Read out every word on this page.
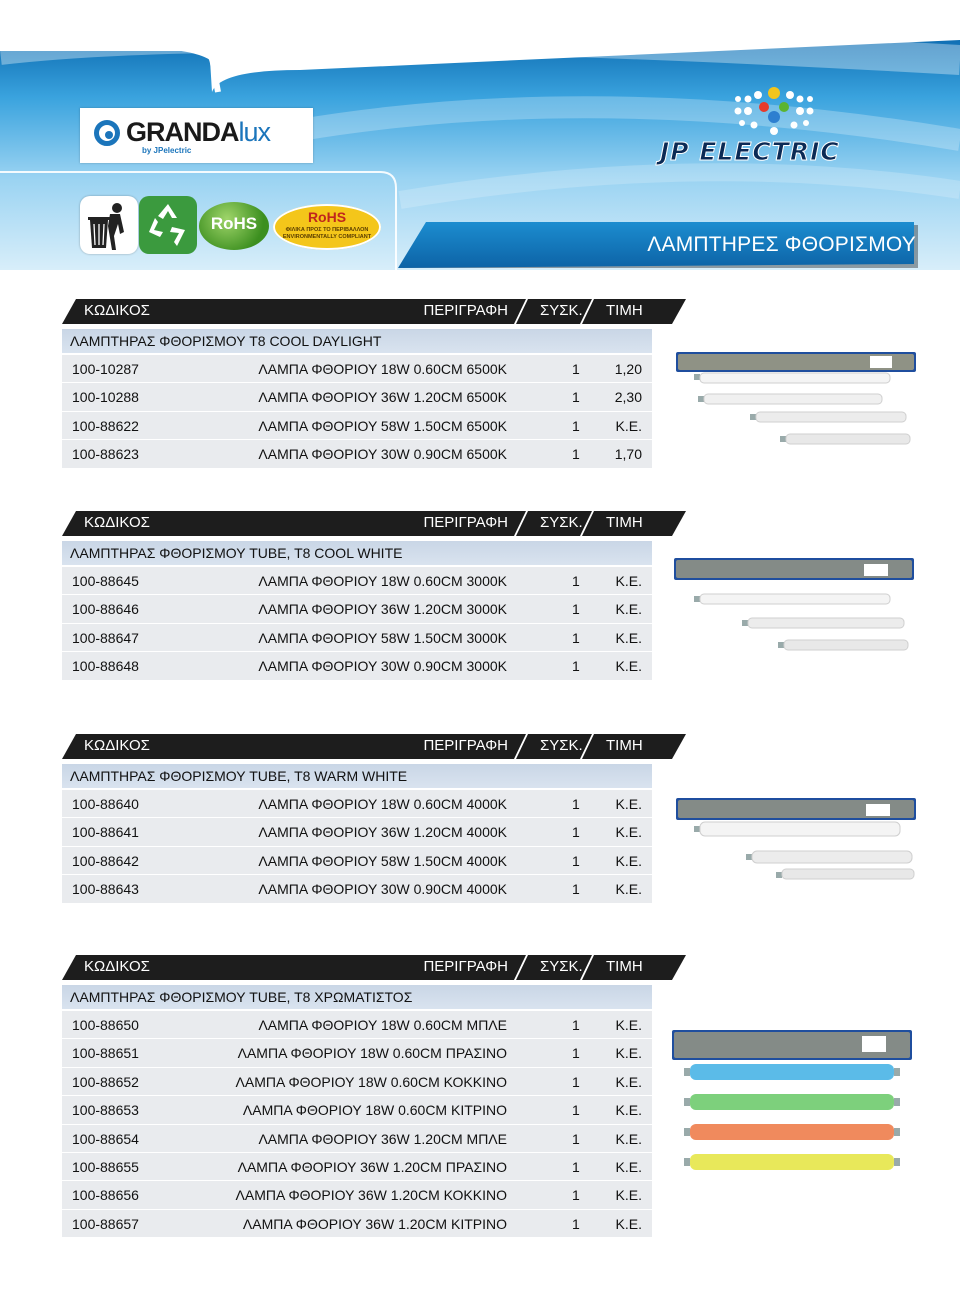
GRANDAlux
by JPelectric	JP ELECTRIC
RoHS	RoHS
ΦΙΛΙΚΑ ΠΡΟΣ ΤΟ ΠΕΡΙΒΑΛΛΟΝ
ENVIRONMENTALLY COMPLIANT	ΛΑΜΠΤΗΡΕΣ ΦΘΟΡΙΣΜΟΥ
ΚΩΔΙΚΟΣ	ΠΕΡΙΓΡΑΦΗ ΣΥΣΚ. ΤΙΜΗ
ΛΑΜΠΤΗΡΑΣ ΦΘΟΡΙΣΜΟΥ T8 COOL DAYLIGHT
100-10287	ΛΑΜΠΑ ΦΘΟΡΙΟΥ 18W 0.60CM 6500K	1 1,20
100-10288	ΛΑΜΠΑ ΦΘΟΡΙΟΥ 36W 1.20CM 6500K	1 2,30
100-88622	ΛΑΜΠΑ ΦΘΟΡΙΟΥ 58W 1.50CM 6500K	1	Κ.Ε.
100-88623	ΛΑΜΠΑ ΦΘΟΡΙΟΥ 30W 0.90CM 6500K	1 1,70
ΚΩΔΙΚΟΣ	ΠΕΡΙΓΡΑΦΗ ΣΥΣΚ. ΤΙΜΗ
ΛΑΜΠΤΗΡΑΣ ΦΘΟΡΙΣΜΟΥ TUBE, T8 COOL WHITE
100-88645	ΛΑΜΠΑ ΦΘΟΡΙΟΥ 18W 0.60CM 3000K	1	Κ.Ε.
100-88646	ΛΑΜΠΑ ΦΘΟΡΙΟΥ 36W 1.20CM 3000K	1	Κ.Ε.
100-88647	ΛΑΜΠΑ ΦΘΟΡΙΟΥ 58W 1.50CM 3000K	1	Κ.Ε.
100-88648	ΛΑΜΠΑ ΦΘΟΡΙΟΥ 30W 0.90CM 3000K	1	Κ.Ε.
ΚΩΔΙΚΟΣ	ΠΕΡΙΓΡΑΦΗ ΣΥΣΚ. ΤΙΜΗ
ΛΑΜΠΤΗΡΑΣ ΦΘΟΡΙΣΜΟΥ TUBE, T8 WARM WHITE
100-88640	ΛΑΜΠΑ ΦΘΟΡΙΟΥ 18W 0.60CM 4000K	1	Κ.Ε.
100-88641	ΛΑΜΠΑ ΦΘΟΡΙΟΥ 36W 1.20CM 4000K	1	Κ.Ε.
100-88642	ΛΑΜΠΑ ΦΘΟΡΙΟΥ 58W 1.50CM 4000K	1	Κ.Ε.
100-88643	ΛΑΜΠΑ ΦΘΟΡΙΟΥ 30W 0.90CM 4000K	1	Κ.Ε.
ΚΩΔΙΚΟΣ	ΠΕΡΙΓΡΑΦΗ ΣΥΣΚ. ΤΙΜΗ
ΛΑΜΠΤΗΡΑΣ ΦΘΟΡΙΣΜΟΥ TUBE, T8 ΧΡΩΜΑΤΙΣΤΟΣ
100-88650	ΛΑΜΠΑ ΦΘΟΡΙΟΥ 18W 0.60CM ΜΠΛΕ	1	Κ.Ε.
100-88651	ΛΑΜΠΑ ΦΘΟΡΙΟΥ 18W 0.60CM ΠΡΑΣΙΝΟ	1	Κ.Ε.
100-88652	ΛΑΜΠΑ ΦΘΟΡΙΟΥ 18W 0.60CM ΚΟΚΚΙΝΟ	1	Κ.Ε.
100-88653	ΛΑΜΠΑ ΦΘΟΡΙΟΥ 18W 0.60CM ΚΙΤΡΙΝΟ	1	Κ.Ε.
100-88654	ΛΑΜΠΑ ΦΘΟΡΙΟΥ 36W 1.20CM ΜΠΛΕ	1	Κ.Ε.
100-88655	ΛΑΜΠΑ ΦΘΟΡΙΟΥ 36W 1.20CM ΠΡΑΣΙΝΟ	1	Κ.Ε.
100-88656	ΛΑΜΠΑ ΦΘΟΡΙΟΥ 36W 1.20CM ΚΟΚΚΙΝΟ	1	Κ.Ε.
100-88657	ΛΑΜΠΑ ΦΘΟΡΙΟΥ 36W 1.20CM ΚΙΤΡΙΝΟ	1	Κ.Ε.
